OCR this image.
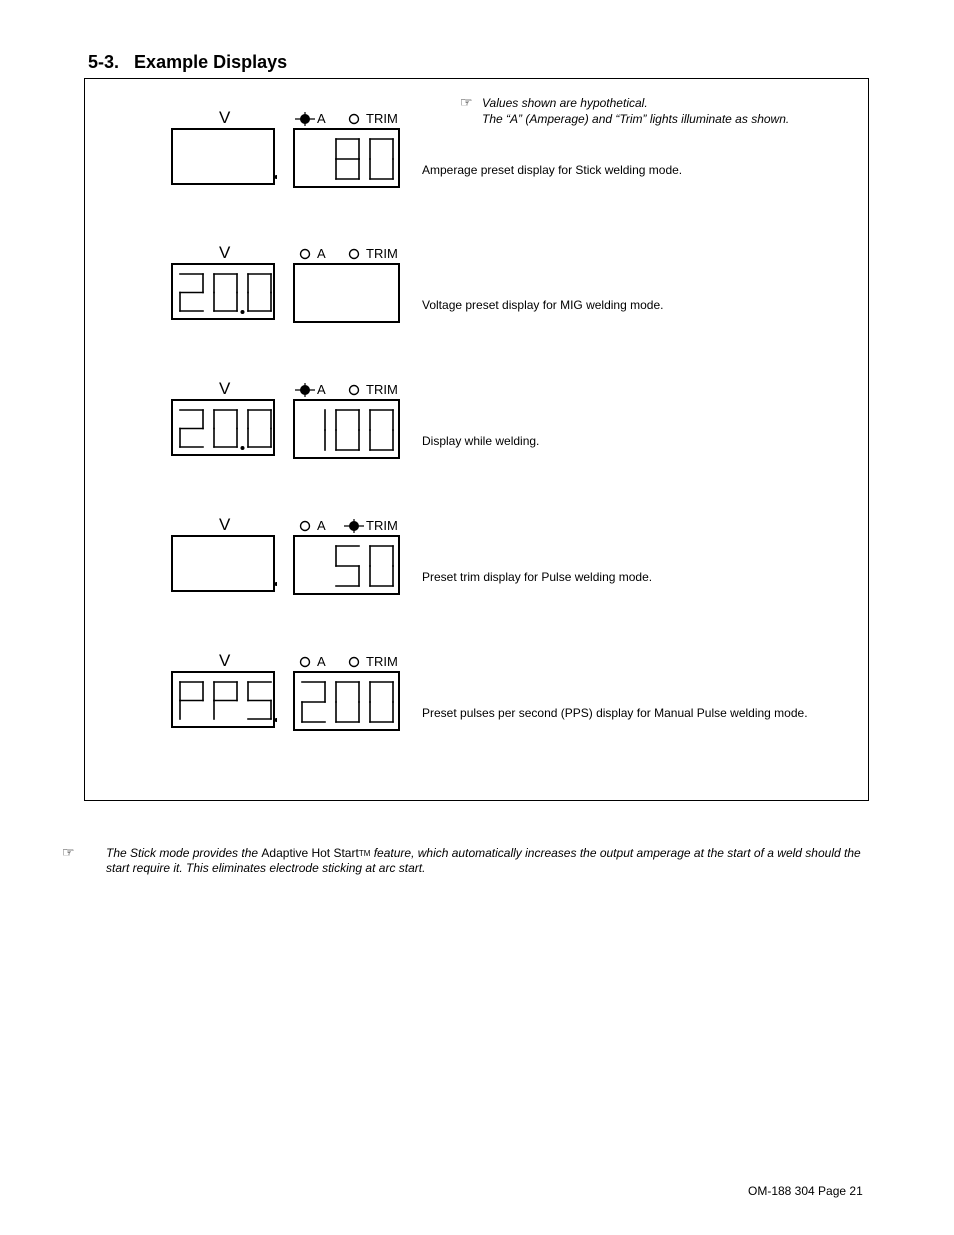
5-3. Example Displays
☞ Values shown are hypothetical.
The “A” (Amperage) and “Trim” lights illuminate as shown.
V	A	TRIM
Amperage preset display for Stick welding mode.
V	A	TRIM
Voltage preset display for MIG welding mode.
V	A	TRIM
Display while welding.
V	A	TRIM
Preset trim display for Pulse welding mode.
V	A	TRIM
Preset pulses per second (PPS) display for Manual Pulse welding mode.
☞	The Stick mode provides the Adaptive Hot StartTM feature, which automatically increases the output amperage at the start of a weld should the start require it. This eliminates electrode sticking at arc start.
OM-188 304 Page 21
